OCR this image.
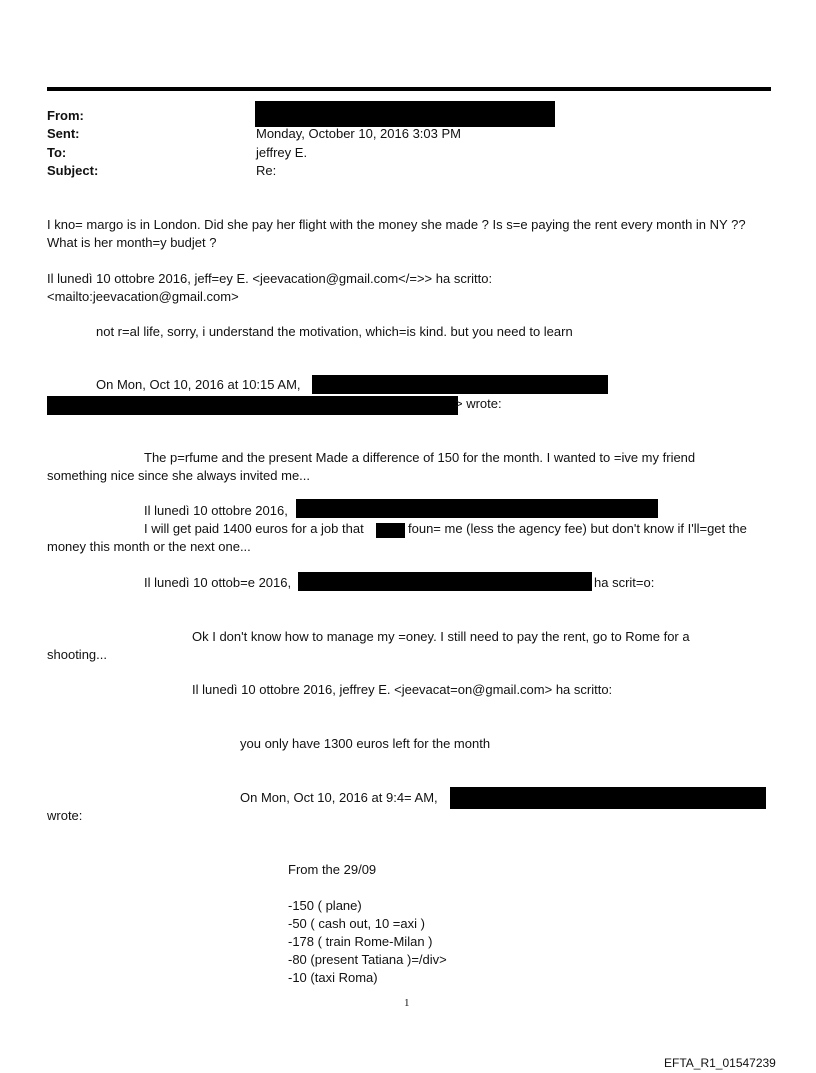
From:
Sent:	Monday, October 10, 2016 3:03 PM
To:	jeffrey E.
Subject:	Re:
I kno= margo is in London. Did she pay her flight with the money she made ? Is s=e paying the rent every month in NY ??
What is her month=y budjet ?
Il lunedì 10 ottobre 2016, jeff=ey E. <jeevacation@gmail.com</=>> ha scritto:
<mailto:jeevacation@gmail.com>
not r=al life, sorry, i understand the motivation, which=is kind. but you need to learn
On Mon, Oct 10, 2016 at 10:15 AM,
> wrote:
The p=rfume and the present Made a difference of 150 for the month. I wanted to =ive my friend
something nice since she always invited me...
Il lunedì 10 ottobre 2016,
I will get paid 1400 euros for a job that	foun= me (less the agency fee) but don't know if I'll=get the
money this month or the next one...
Il lunedì 10 ottob=e 2016,	ha scrit=o:
Ok I don't know how to manage my =oney. I still need to pay the rent, go to Rome for a
shooting...
Il lunedì 10 ottobre 2016, jeffrey E. <jeevacat=on@gmail.com> ha scritto:
you only have 1300 euros left for the month
On Mon, Oct 10, 2016 at 9:4= AM,
wrote:
From the 29/09
-150 ( plane)
-50 ( cash out, 10 =axi )
-178 ( train Rome-Milan )
-80 (present Tatiana )=/div>
-10 (taxi Roma)
1
EFTA_R1_01547239
